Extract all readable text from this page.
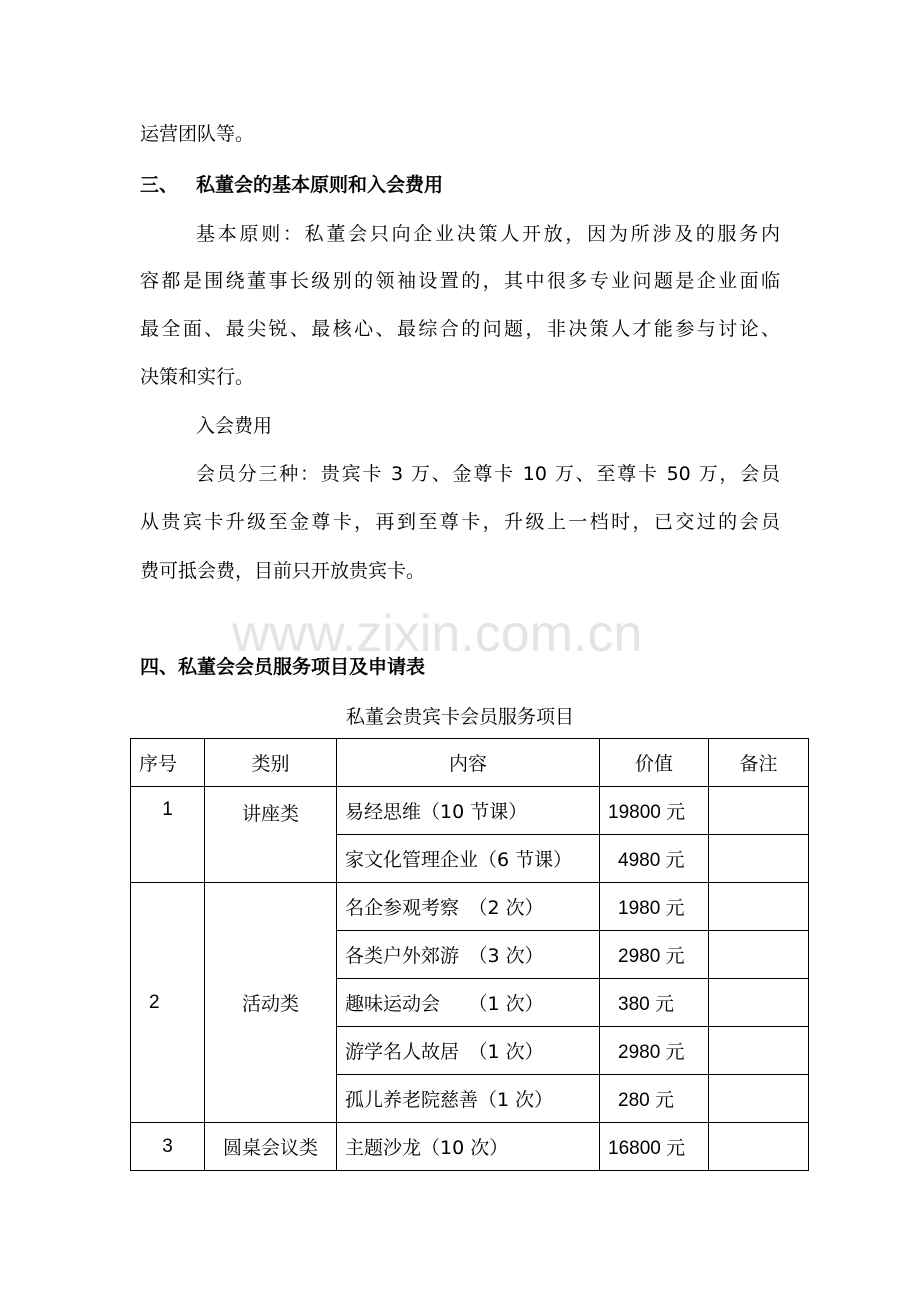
运营团队等。
三、 私董会的基本原则和入会费用
基本原则：私董会只向企业决策人开放，因为所涉及的服务内
容都是围绕董事长级别的领袖设置的，其中很多专业问题是企业面临
最全面、最尖锐、最核心、最综合的问题，非决策人才能参与讨论、
决策和实行。
入会费用
会员分三种：贵宾卡 3 万、金尊卡 10 万、至尊卡 50 万，会员
从贵宾卡升级至金尊卡，再到至尊卡，升级上一档时，已交过的会员
费可抵会费，目前只开放贵宾卡。
www.zixin.com.cn
四、私董会会员服务项目及申请表
私董会贵宾卡会员服务项目
序号	类别	内容	价值	备注
1	讲座类	易经思维（10 节课）	19800 元	
		家文化管理企业（6 节课）	4980 元	
2	活动类	名企参观考察　（2 次）	1980 元	
		各类户外郊游　（3 次）	2980 元	
		趣味运动会　　（1 次）	380 元	
		游学名人故居　（1 次）	2980 元	
		孤儿养老院慈善（1 次）	280 元	
3	圆桌会议类	主题沙龙（10 次）	16800 元	
